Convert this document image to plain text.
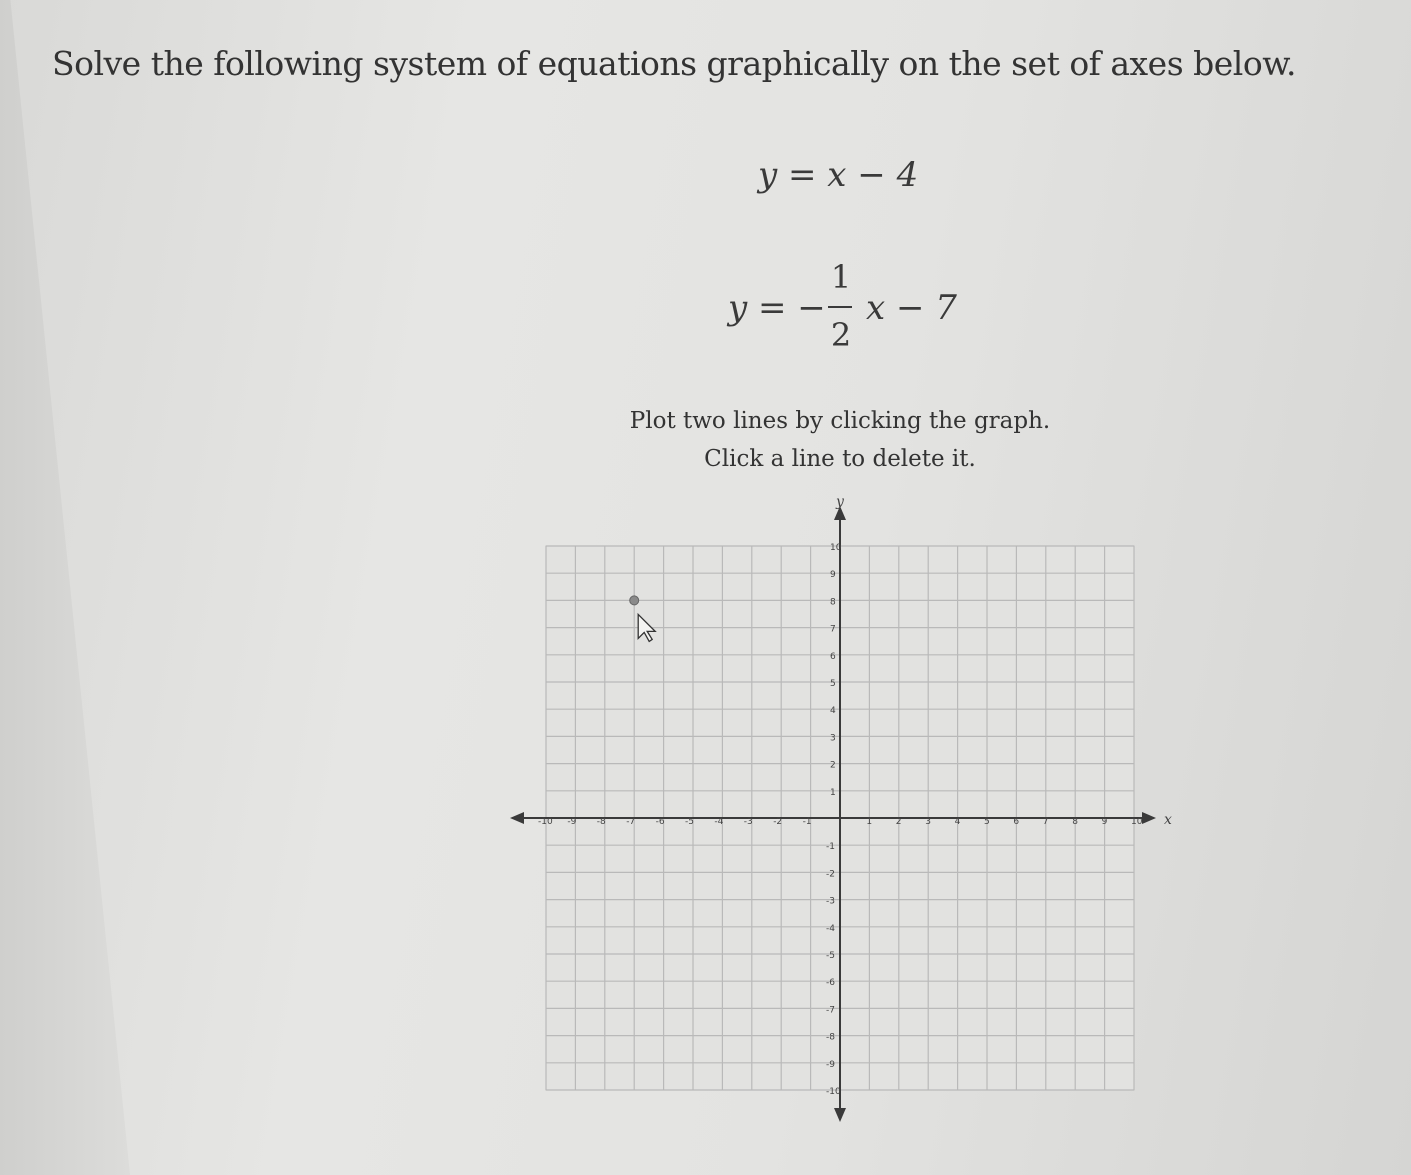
Solve the following system of equations graphically on the set of axes below.
y = x − 4
y = −
1
2
x − 7
Plot two lines by clicking the graph.
Click a line to delete it.
x
y
-10 -9 -8 -7 -6 -5 -4 -3 -2 -1	1	2	3	4	5	6	7	8	9	10
10
9
8
7
6
5
4
3
2
1
-1
-2
-3
-4
-5
-6
-7
-8
-9
-10
